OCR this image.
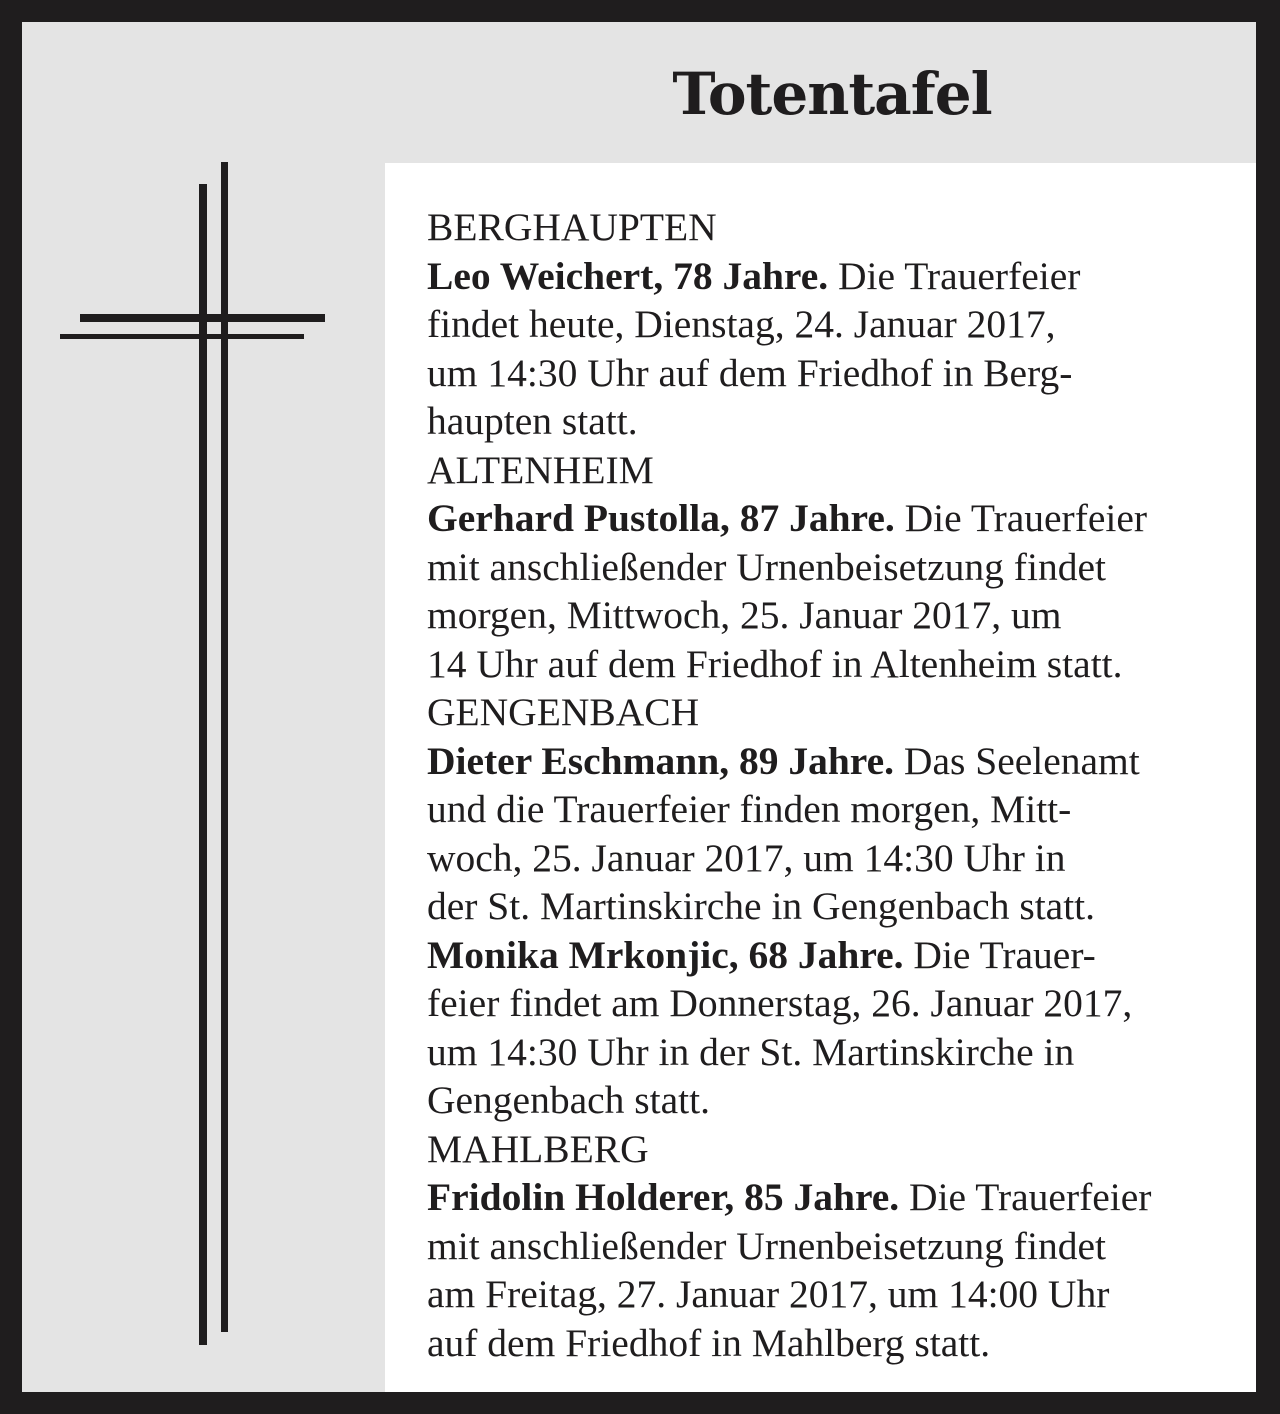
Totentafel
BERGHAUPTEN
Leo Weichert, 78 Jahre. Die Trauerfeier
findet heute, Dienstag, 24. Januar 2017,
um 14:30 Uhr auf dem Friedhof in Berg-
haupten statt.
ALTENHEIM
Gerhard Pustolla, 87 Jahre. Die Trauerfeier
mit anschließender Urnenbeisetzung findet
morgen, Mittwoch, 25. Januar 2017, um
14 Uhr auf dem Friedhof in Altenheim statt.
GENGENBACH
Dieter Eschmann, 89 Jahre. Das Seelenamt
und die Trauerfeier finden morgen, Mitt-
woch, 25. Januar 2017, um 14:30 Uhr in
der St. Martinskirche in Gengenbach statt.
Monika Mrkonjic, 68 Jahre. Die Trauer-
feier findet am Donnerstag, 26. Januar 2017,
um 14:30 Uhr in der St. Martinskirche in
Gengenbach statt.
MAHLBERG
Fridolin Holderer, 85 Jahre. Die Trauerfeier
mit anschließender Urnenbeisetzung findet
am Freitag, 27. Januar 2017, um 14:00 Uhr
auf dem Friedhof in Mahlberg statt.
